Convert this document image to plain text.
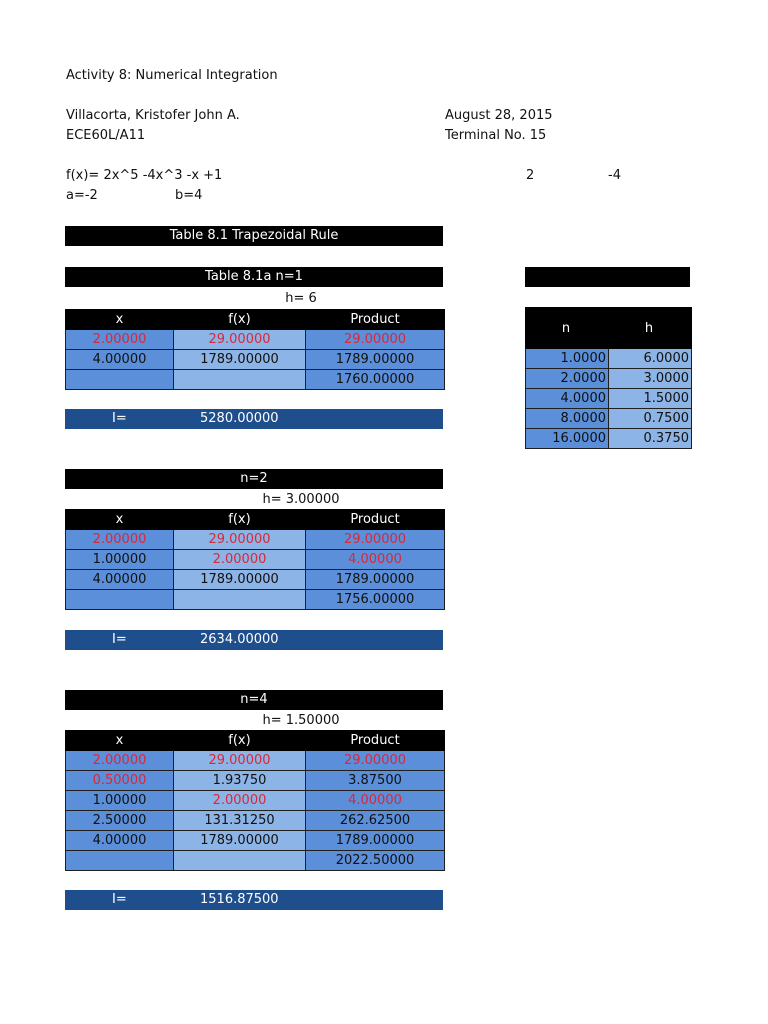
Activity 8: Numerical Integration
Villacorta, Kristofer John A.	August 28, 2015
ECE60L/A11	Terminal No. 15
f(x)= 2x^5 -4x^3 -x +1	2	-4
a=-2	b=4
Table 8.1 Trapezoidal Rule
Table 8.1a n=1
h= 6
x	f(x)	Product
2.00000	29.00000	29.00000
4.00000	1789.00000	1789.00000
		1760.00000
I=	5280.00000
n=2
h= 3.00000
x	f(x)	Product
2.00000	29.00000	29.00000
1.00000	2.00000	4.00000
4.00000	1789.00000	1789.00000
		1756.00000
I=	2634.00000
n=4
h= 1.50000
x	f(x)	Product
2.00000	29.00000	29.00000
0.50000	1.93750	3.87500
1.00000	2.00000	4.00000
2.50000	131.31250	262.62500
4.00000	1789.00000	1789.00000
		2022.50000
I=	1516.87500
n	h
1.0000	6.0000
2.0000	3.0000
4.0000	1.5000
8.0000	0.7500
16.0000	0.3750
